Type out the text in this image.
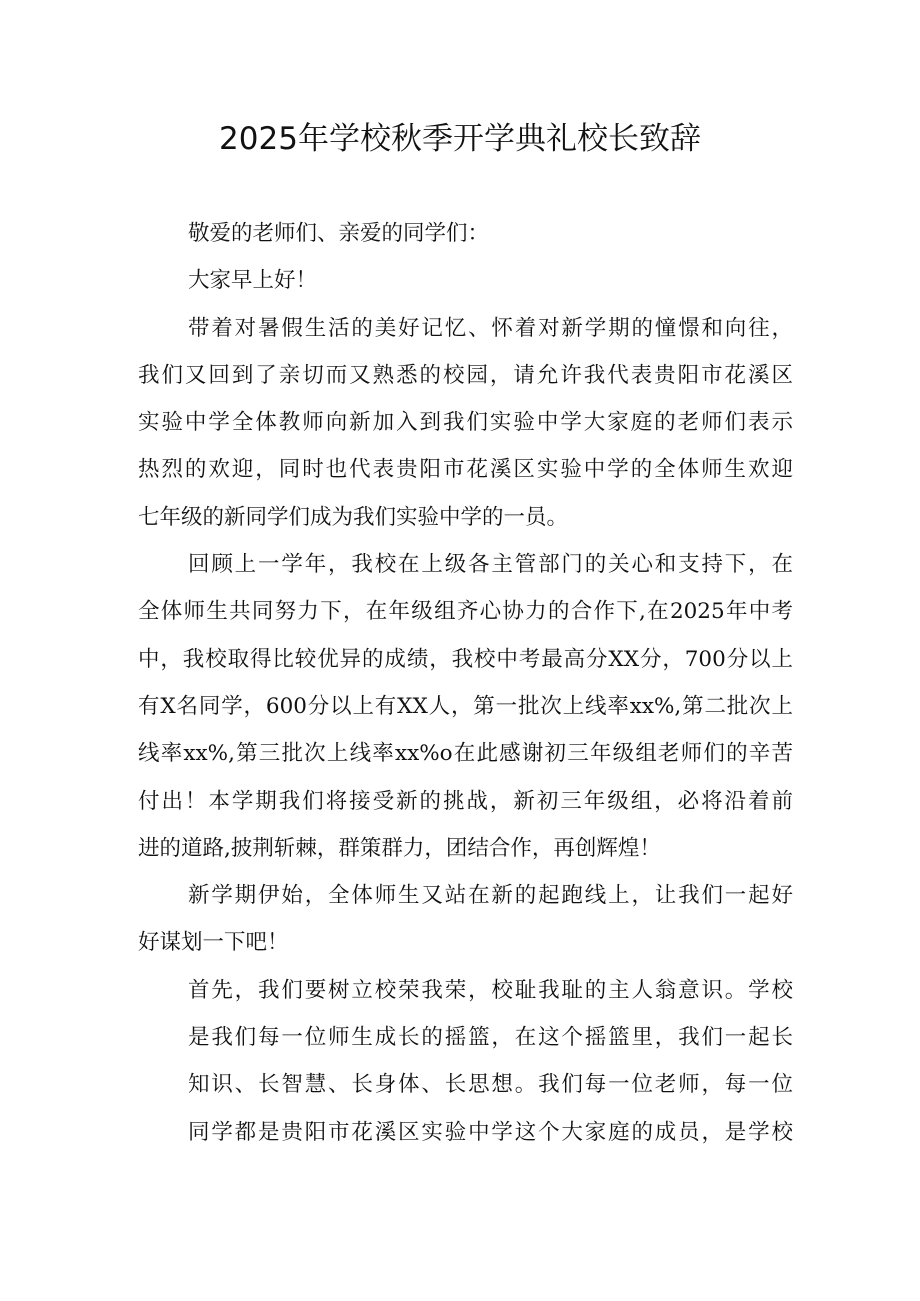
2025年学校秋季开学典礼校长致辞
敬爱的老师们、亲爱的同学们：
大家早上好！
带着对暑假生活的美好记忆、怀着对新学期的憧憬和向往，
我们又回到了亲切而又熟悉的校园，请允许我代表贵阳市花溪区
实验中学全体教师向新加入到我们实验中学大家庭的老师们表示
热烈的欢迎，同时也代表贵阳市花溪区实验中学的全体师生欢迎
七年级的新同学们成为我们实验中学的一员。
回顾上一学年，我校在上级各主管部门的关心和支持下，在
全体师生共同努力下，在年级组齐心协力的合作下,在2025年中考
中，我校取得比较优异的成绩，我校中考最高分XX分，700分以上
有X名同学，600分以上有XX人，第一批次上线率xx%,第二批次上
线率xx%,第三批次上线率xx%o在此感谢初三年级组老师们的辛苦
付出！本学期我们将接受新的挑战，新初三年级组，必将沿着前
进的道路,披荆斩棘，群策群力，团结合作，再创辉煌！
新学期伊始，全体师生又站在新的起跑线上，让我们一起好
好谋划一下吧！
首先，我们要树立校荣我荣，校耻我耻的主人翁意识。学校
是我们每一位师生成长的摇篮，在这个摇篮里，我们一起长
知识、长智慧、长身体、长思想。我们每一位老师，每一位
同学都是贵阳市花溪区实验中学这个大家庭的成员，是学校
